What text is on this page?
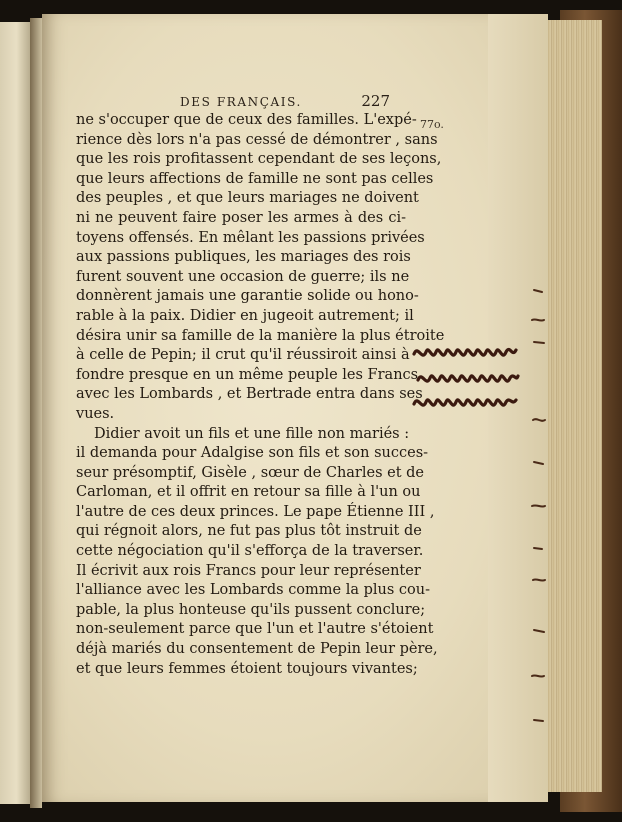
DES FRANÇAIS.	227
77o.
ne s'occuper que de ceux des familles. L'expé-
rience dès lors n'a pas cessé de démontrer , sans
que les rois profitassent cependant de ses leçons,
que leurs affections de famille ne sont pas celles
des peuples , et que leurs mariages ne doivent
ni ne peuvent faire poser les armes à des ci-
toyens offensés. En mêlant les passions privées
aux passions publiques, les mariages des rois
furent souvent une occasion de guerre; ils ne
donnèrent jamais une garantie solide ou hono-
rable à la paix. Didier en jugeoit autrement; il
désira unir sa famille de la manière la plus étroite
à celle de Pepin; il crut qu'il réussiroit ainsi à
fondre presque en un même peuple les Francs
avec les Lombards , et Bertrade entra dans ses
vues.
Didier avoit un fils et une fille non mariés :
il demanda pour Adalgise son fils et son succes-
seur présomptif, Gisèle , sœur de Charles et de
Carloman, et il offrit en retour sa fille à l'un ou
l'autre de ces deux princes. Le pape Étienne III ,
qui régnoit alors, ne fut pas plus tôt instruit de
cette négociation qu'il s'efforça de la traverser.
Il écrivit aux rois Francs pour leur représenter
l'alliance avec les Lombards comme la plus cou-
pable, la plus honteuse qu'ils pussent conclure;
non-seulement parce que l'un et l'autre s'étoient
déjà mariés du consentement de Pepin leur père,
et que leurs femmes étoient toujours vivantes;
